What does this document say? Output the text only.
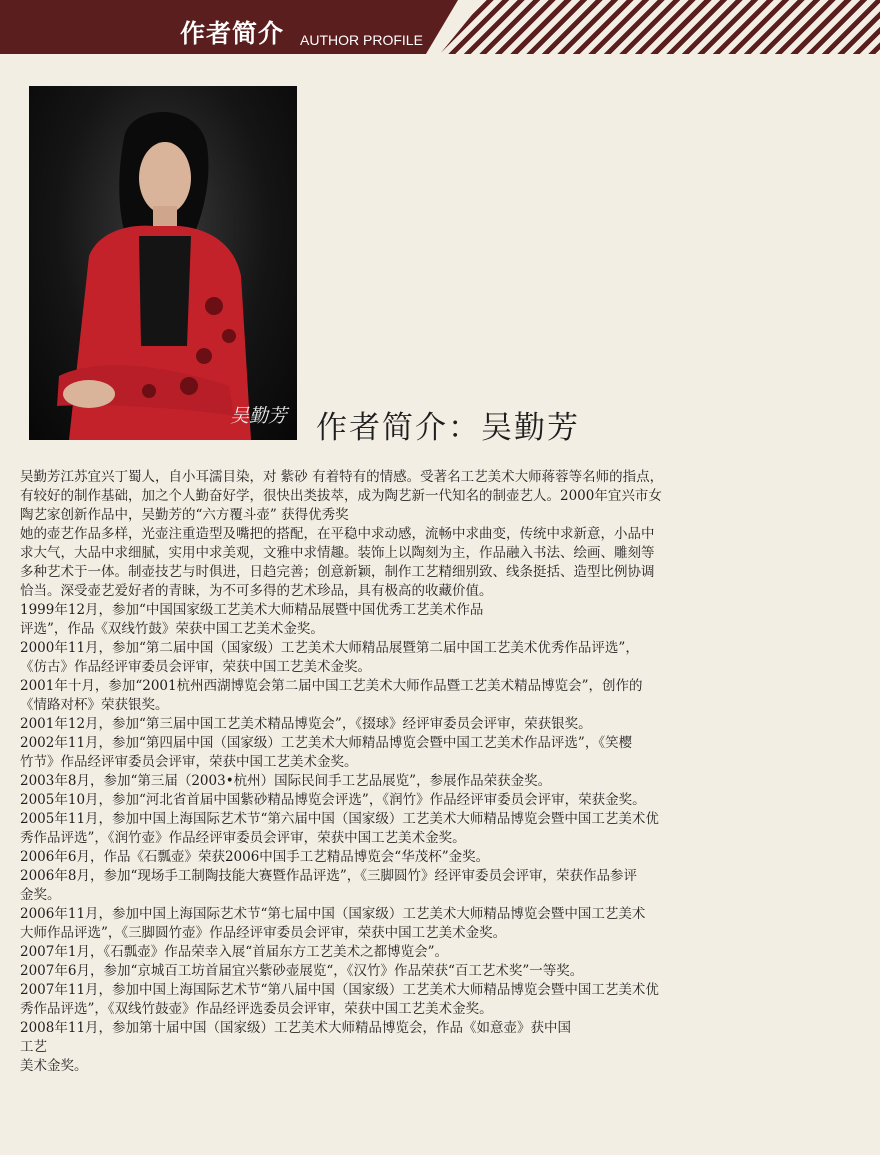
作者简介 AUTHOR PROFILE
吴勤芳 作者简介：吴勤芳

吴勤芳江苏宜兴丁蜀人，自小耳濡目染，对 紫砂 有着特有的情感。受著名工艺美术大师蒋蓉等名师的指点，

有较好的制作基础，加之个人勤奋好学，很快出类拔萃，成为陶艺新一代知名的制壶艺人。2000年宜兴市女

陶艺家创新作品中，吴勤芳的“六方覆斗壶” 获得优秀奖

她的壶艺作品多样，光壶注重造型及嘴把的搭配，在平稳中求动感，流畅中求曲变，传统中求新意，小品中

求大气，大品中求细腻，实用中求美观，文雅中求情趣。装饰上以陶刻为主，作品融入书法、绘画、雕刻等

多种艺术于一体。制壶技艺与时俱进，日趋完善；创意新颖，制作工艺精细别致、线条挺括、造型比例协调

恰当。深受壶艺爱好者的青睐，为不可多得的艺术珍品，具有极高的收藏价值。

1999年12月，参加“中国国家级工艺美术大师精品展暨中国优秀工艺美术作品

评选”，作品《双线竹鼓》荣获中国工艺美术金奖。

2000年11月，参加“第二届中国（国家级）工艺美术大师精品展暨第二届中国工艺美术优秀作品评选”，

《仿古》作品经评审委员会评审，荣获中国工艺美术金奖。

2001年十月，参加“2001杭州西湖博览会第二届中国工艺美术大师作品暨工艺美术精品博览会”，创作的

《情路对杯》荣获银奖。

2001年12月，参加“第三届中国工艺美术精品博览会”，《掇球》经评审委员会评审，荣获银奖。

2002年11月，参加“第四届中国（国家级）工艺美术大师精品博览会暨中国工艺美术作品评选”，《笑樱

竹节》作品经评审委员会评审，荣获中国工艺美术金奖。

2003年8月，参加“第三届（2003•杭州）国际民间手工艺品展览”，参展作品荣获金奖。

2005年10月，参加“河北省首届中国紫砂精品博览会评选”，《润竹》作品经评审委员会评审，荣获金奖。

2005年11月，参加中国上海国际艺术节“第六届中国（国家级）工艺美术大师精品博览会暨中国工艺美术优

秀作品评选”，《润竹壶》作品经评审委员会评审，荣获中国工艺美术金奖。

2006年6月，作品《石瓢壶》荣获2006中国手工艺精品博览会“华茂杯”金奖。

2006年8月，参加“现场手工制陶技能大赛暨作品评选”，《三脚圆竹》经评审委员会评审，荣获作品参评

金奖。

2006年11月，参加中国上海国际艺术节“第七届中国（国家级）工艺美术大师精品博览会暨中国工艺美术

大师作品评选”，《三脚圆竹壶》作品经评审委员会评审，荣获中国工艺美术金奖。

2007年1月，《石瓢壶》作品荣幸入展“首届东方工艺美术之都博览会”。

2007年6月，参加“京城百工坊首届宜兴紫砂壶展览“，《汉竹》作品荣获“百工艺术奖”一等奖。

2007年11月，参加中国上海国际艺术节“第八届中国（国家级）工艺美术大师精品博览会暨中国工艺美术优

秀作品评选”，《双线竹鼓壶》作品经评选委员会评审，荣获中国工艺美术金奖。

2008年11月，参加第十届中国（国家级）工艺美术大师精品博览会，作品《如意壶》获中国

工艺

美术金奖。
